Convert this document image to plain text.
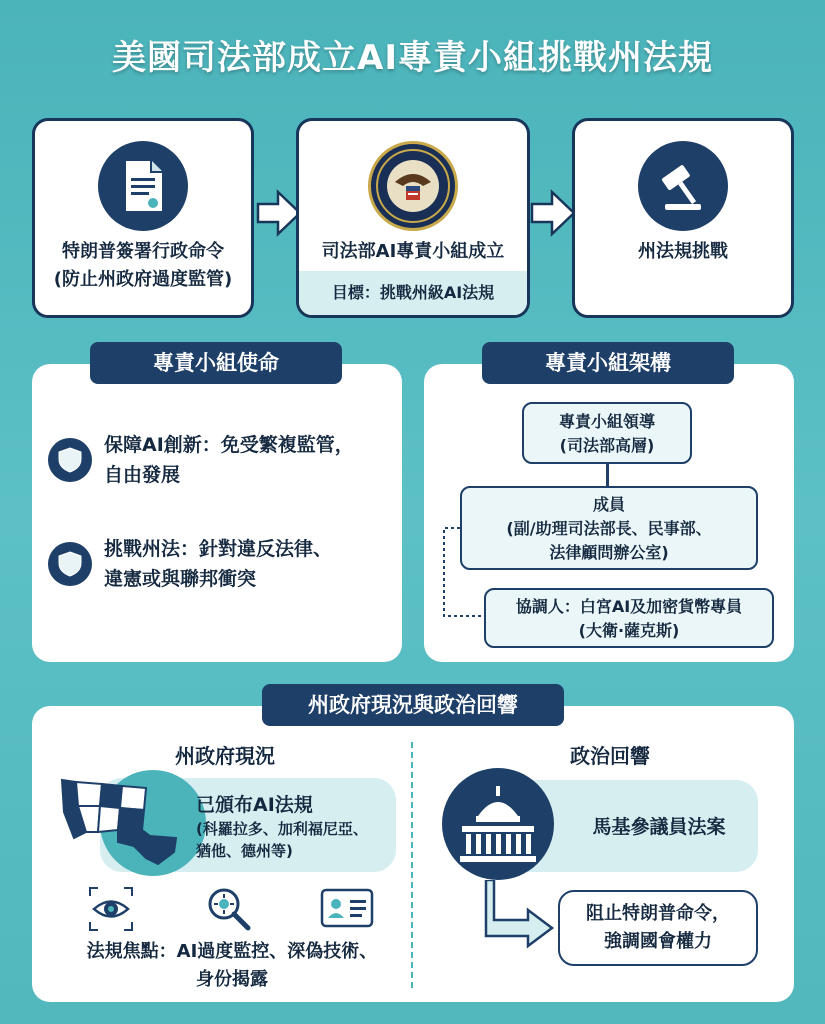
美國司法部成立AI專責小組挑戰州法規
特朗普簽署行政命令
(防止州政府過度監管)
司法部AI專責小組成立
目標：挑戰州級AI法規
州法規挑戰
專責小組使命
保障AI創新：免受繁複監管，
自由發展
挑戰州法：針對違反法律、
違憲或與聯邦衝突
專責小組架構
專責小組領導
(司法部高層)
成員
(副/助理司法部長、民事部、
法律顧問辦公室)
協調人：白宮AI及加密貨幣專員
(大衛·薩克斯)
州政府現況與政治回響
州政府現況	政治回響
已頒布AI法規
(科羅拉多、加利福尼亞、
猶他、德州等)
法規焦點：AI過度監控、深偽技術、
身份揭露
馬基參議員法案
阻止特朗普命令，
強調國會權力
